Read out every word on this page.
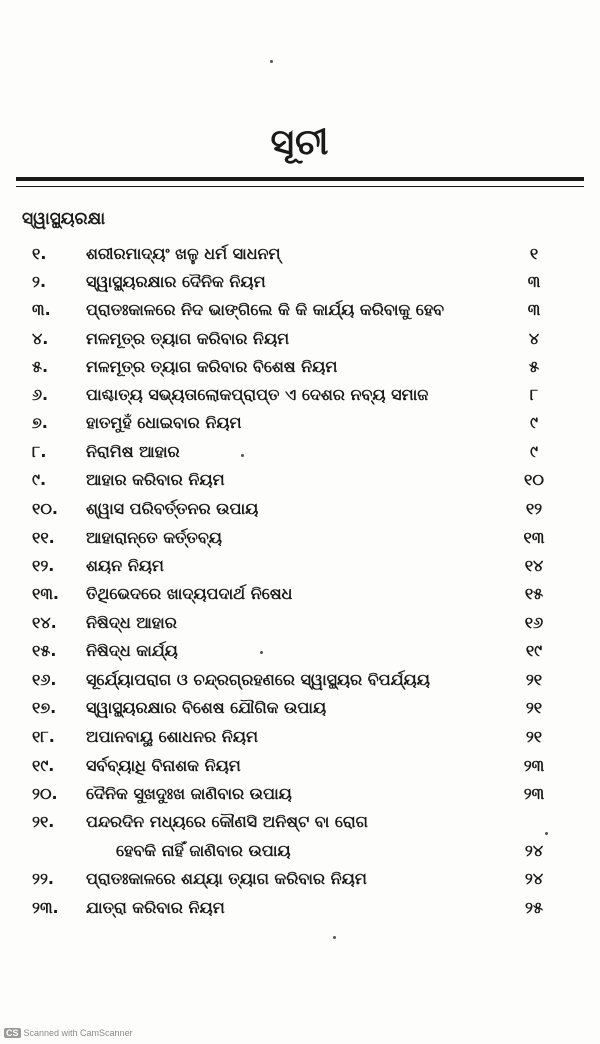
ସୂଚୀ
ସ୍ୱାସ୍ଥ୍ୟରକ୍ଷା
୧.	ଶରୀରମାଦ୍ୟଂ ଖଳୁ ଧର୍ମ ସାଧନମ୍	୧
୨.	ସ୍ୱାସ୍ଥ୍ୟରକ୍ଷାର ଦୈନିକ ନିୟମ	୩
୩.	ପ୍ରାତଃକାଳରେ ନିଦ ଭାଙ୍ଗିଲେ କି କି କାର୍ଯ୍ୟ କରିବାକୁ ହେବ	୩
୪.	ମଳମୂତ୍ର ତ୍ୟାଗ କରିବାର ନିୟମ	୪
୫.	ମଳମୂତ୍ର ତ୍ୟାଗ କରିବାର ବିଶେଷ ନିୟମ	୫
୬.	ପାଶ୍ଚାତ୍ୟ ସଭ୍ୟତାଲୋକପ୍ରାପ୍ତ ଏ ଦେଶର ନବ୍ୟ ସମାଜ	୮
୭.	ହାତମୁହଁ ଧୋଇବାର ନିୟମ	୯
୮.	ନିରାମିଷ ଆହାର	୯
୯.	ଆହାର କରିବାର ନିୟମ	୧୦
୧୦.	ଶ୍ୱାସ ପରିବର୍ତ୍ତନର ଉପାୟ	୧୨
୧୧.	ଆହାରାନ୍ତେ କର୍ତ୍ତବ୍ୟ	୧୩
୧୨.	ଶୟନ ନିୟମ	୧୪
୧୩.	ତିଥିଭେଦରେ ଖାଦ୍ୟପଦାର୍ଥ ନିଷେଧ	୧୫
୧୪.	ନିଷିଦ୍ଧ ଆହାର	୧୬
୧୫.	ନିଷିଦ୍ଧ କାର୍ଯ୍ୟ	୧୯
୧୬.	ସୂର୍ଯ୍ୟୋପରାଗ ଓ ଚନ୍ଦ୍ରଗ୍ରହଣରେ ସ୍ୱାସ୍ଥ୍ୟର ବିପର୍ଯ୍ୟୟ	୨୧
୧୭.	ସ୍ୱାସ୍ଥ୍ୟରକ୍ଷାର ବିଶେଷ ଯୌଗିକ ଉପାୟ	୨୧
୧୮.	ଅପାନବାୟୁ ଶୋଧନର ନିୟମ	୨୧
୧୯.	ସର୍ବବ୍ୟାଧି ବିନାଶକ ନିୟମ	୨୩
୨୦.	ଦୈନିକ ସୁଖଦୁଃଖ ଜାଣିବାର ଉପାୟ	୨୩
୨୧.	ପନ୍ଦରଦିନ ମଧ୍ୟରେ କୌଣସି ଅନିଷ୍ଟ ବା ରୋଗ
ହେବକି ନାହିଁ ଜାଣିବାର ଉପାୟ	୨୪
୨୨.	ପ୍ରାତଃକାଳରେ ଶଯ୍ୟା ତ୍ୟାଗ କରିବାର ନିୟମ	୨୪
୨୩.	ଯାତ୍ରା କରିବାର ନିୟମ	୨୫
CS Scanned with CamScanner
